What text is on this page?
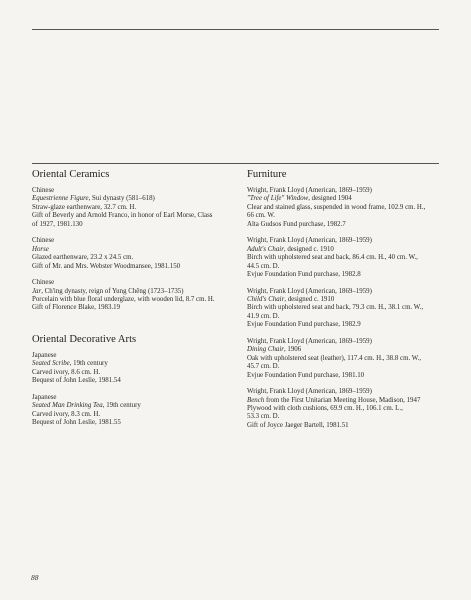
Oriental Ceramics
Chinese
Equestrienne Figure, Sui dynasty (581–618)
Straw-glaze earthenware, 32.7 cm. H.
Gift of Beverly and Arnold Franco, in honor of Earl Morse, Class
of 1927, 1981.130
Chinese
Horse
Glazed earthenware, 23.2 x 24.5 cm.
Gift of Mr. and Mrs. Webster Woodmansee, 1981.150
Chinese
Jar, Ch'ing dynasty, reign of Yung Chêng (1723–1735)
Porcelain with blue floral underglaze, with wooden lid, 8.7 cm. H.
Gift of Florence Blake, 1983.19
Oriental Decorative Arts
Japanese
Seated Scribe, 19th century
Carved ivory, 8.6 cm. H.
Bequest of John Leslie, 1981.54
Japanese
Seated Man Drinking Tea, 19th century
Carved ivory, 8.3 cm. H.
Bequest of John Leslie, 1981.55
Furniture
Wright, Frank Lloyd (American, 1869–1959)
"Tree of Life" Window, designed 1904
Clear and stained glass, suspended in wood frame, 102.9 cm. H.,
66 cm. W.
Alta Gudsos Fund purchase, 1982.7
Wright, Frank Lloyd (American, 1869–1959)
Adult's Chair, designed c. 1910
Birch with upholstered seat and back, 86.4 cm. H., 40 cm. W.,
44.5 cm. D.
Evjue Foundation Fund purchase, 1982.8
Wright, Frank Lloyd (American, 1869–1959)
Child's Chair, designed c. 1910
Birch with upholstered seat and back, 79.3 cm. H., 38.1 cm. W.,
41.9 cm. D.
Evjue Foundation Fund purchase, 1982.9
Wright, Frank Lloyd (American, 1869–1959)
Dining Chair, 1906
Oak with upholstered seat (leather), 117.4 cm. H., 38.8 cm. W.,
45.7 cm. D.
Evjue Foundation Fund purchase, 1981.10
Wright, Frank Lloyd (American, 1869–1959)
Bench from the First Unitarian Meeting House, Madison, 1947
Plywood with cloth cushions, 69.9 cm. H., 106.1 cm. L.,
53.3 cm. D.
Gift of Joyce Jaeger Bartell, 1981.51
88
